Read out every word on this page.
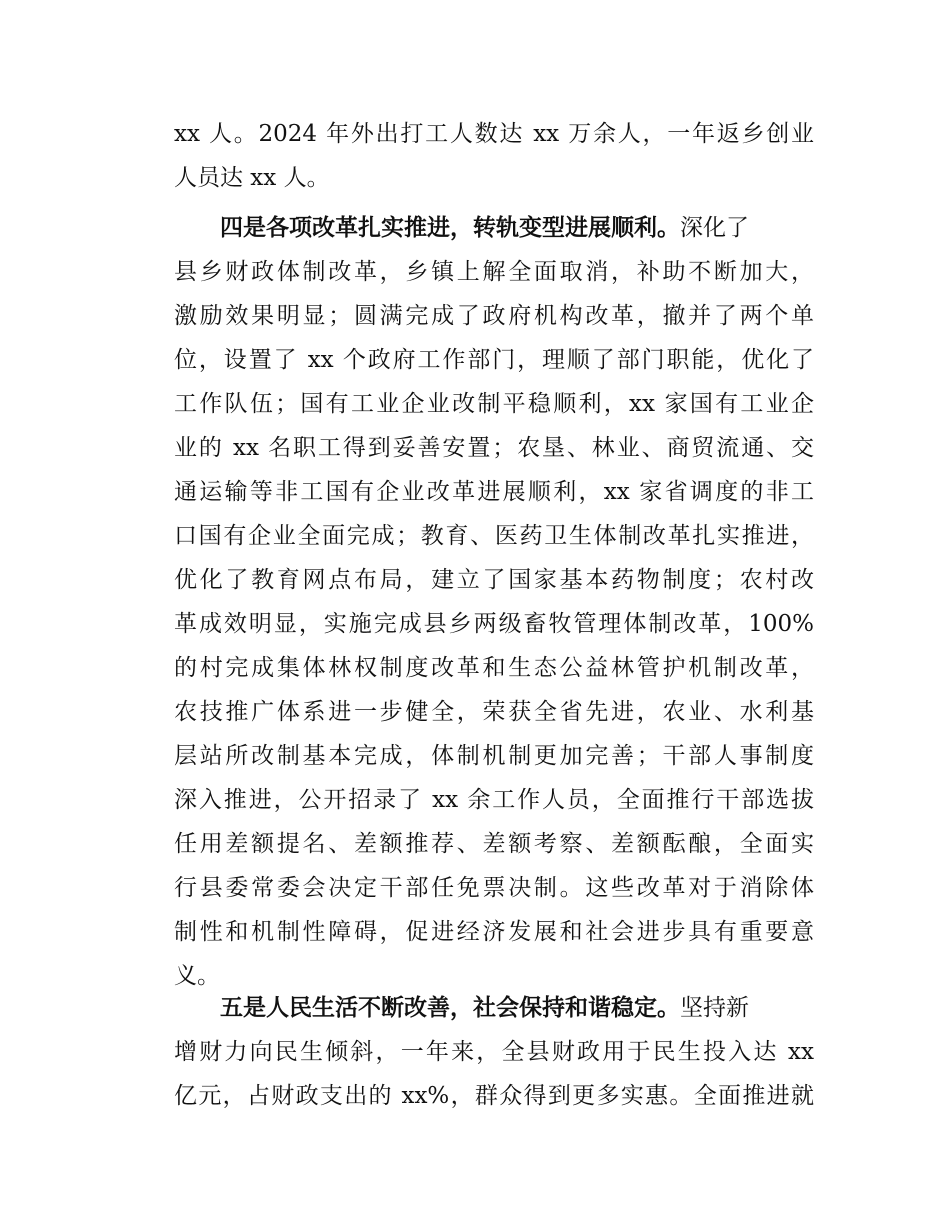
xx 人。2024 年外出打工人数达 xx 万余人，一年返乡创业
人员达 xx 人。
四是各项改革扎实推进，转轨变型进展顺利。深化了
县乡财政体制改革，乡镇上解全面取消，补助不断加大，
激励效果明显；圆满完成了政府机构改革，撤并了两个单
位，设置了 xx 个政府工作部门，理顺了部门职能，优化了
工作队伍；国有工业企业改制平稳顺利，xx 家国有工业企
业的 xx 名职工得到妥善安置；农垦、林业、商贸流通、交
通运输等非工国有企业改革进展顺利，xx 家省调度的非工
口国有企业全面完成；教育、医药卫生体制改革扎实推进，
优化了教育网点布局，建立了国家基本药物制度；农村改
革成效明显，实施完成县乡两级畜牧管理体制改革，100%
的村完成集体林权制度改革和生态公益林管护机制改革，
农技推广体系进一步健全，荣获全省先进，农业、水利基
层站所改制基本完成，体制机制更加完善；干部人事制度
深入推进，公开招录了 xx 余工作人员，全面推行干部选拔
任用差额提名、差额推荐、差额考察、差额酝酿，全面实
行县委常委会决定干部任免票决制。这些改革对于消除体
制性和机制性障碍，促进经济发展和社会进步具有重要意
义。
五是人民生活不断改善，社会保持和谐稳定。坚持新
增财力向民生倾斜，一年来，全县财政用于民生投入达 xx
亿元，占财政支出的 xx%，群众得到更多实惠。全面推进就
